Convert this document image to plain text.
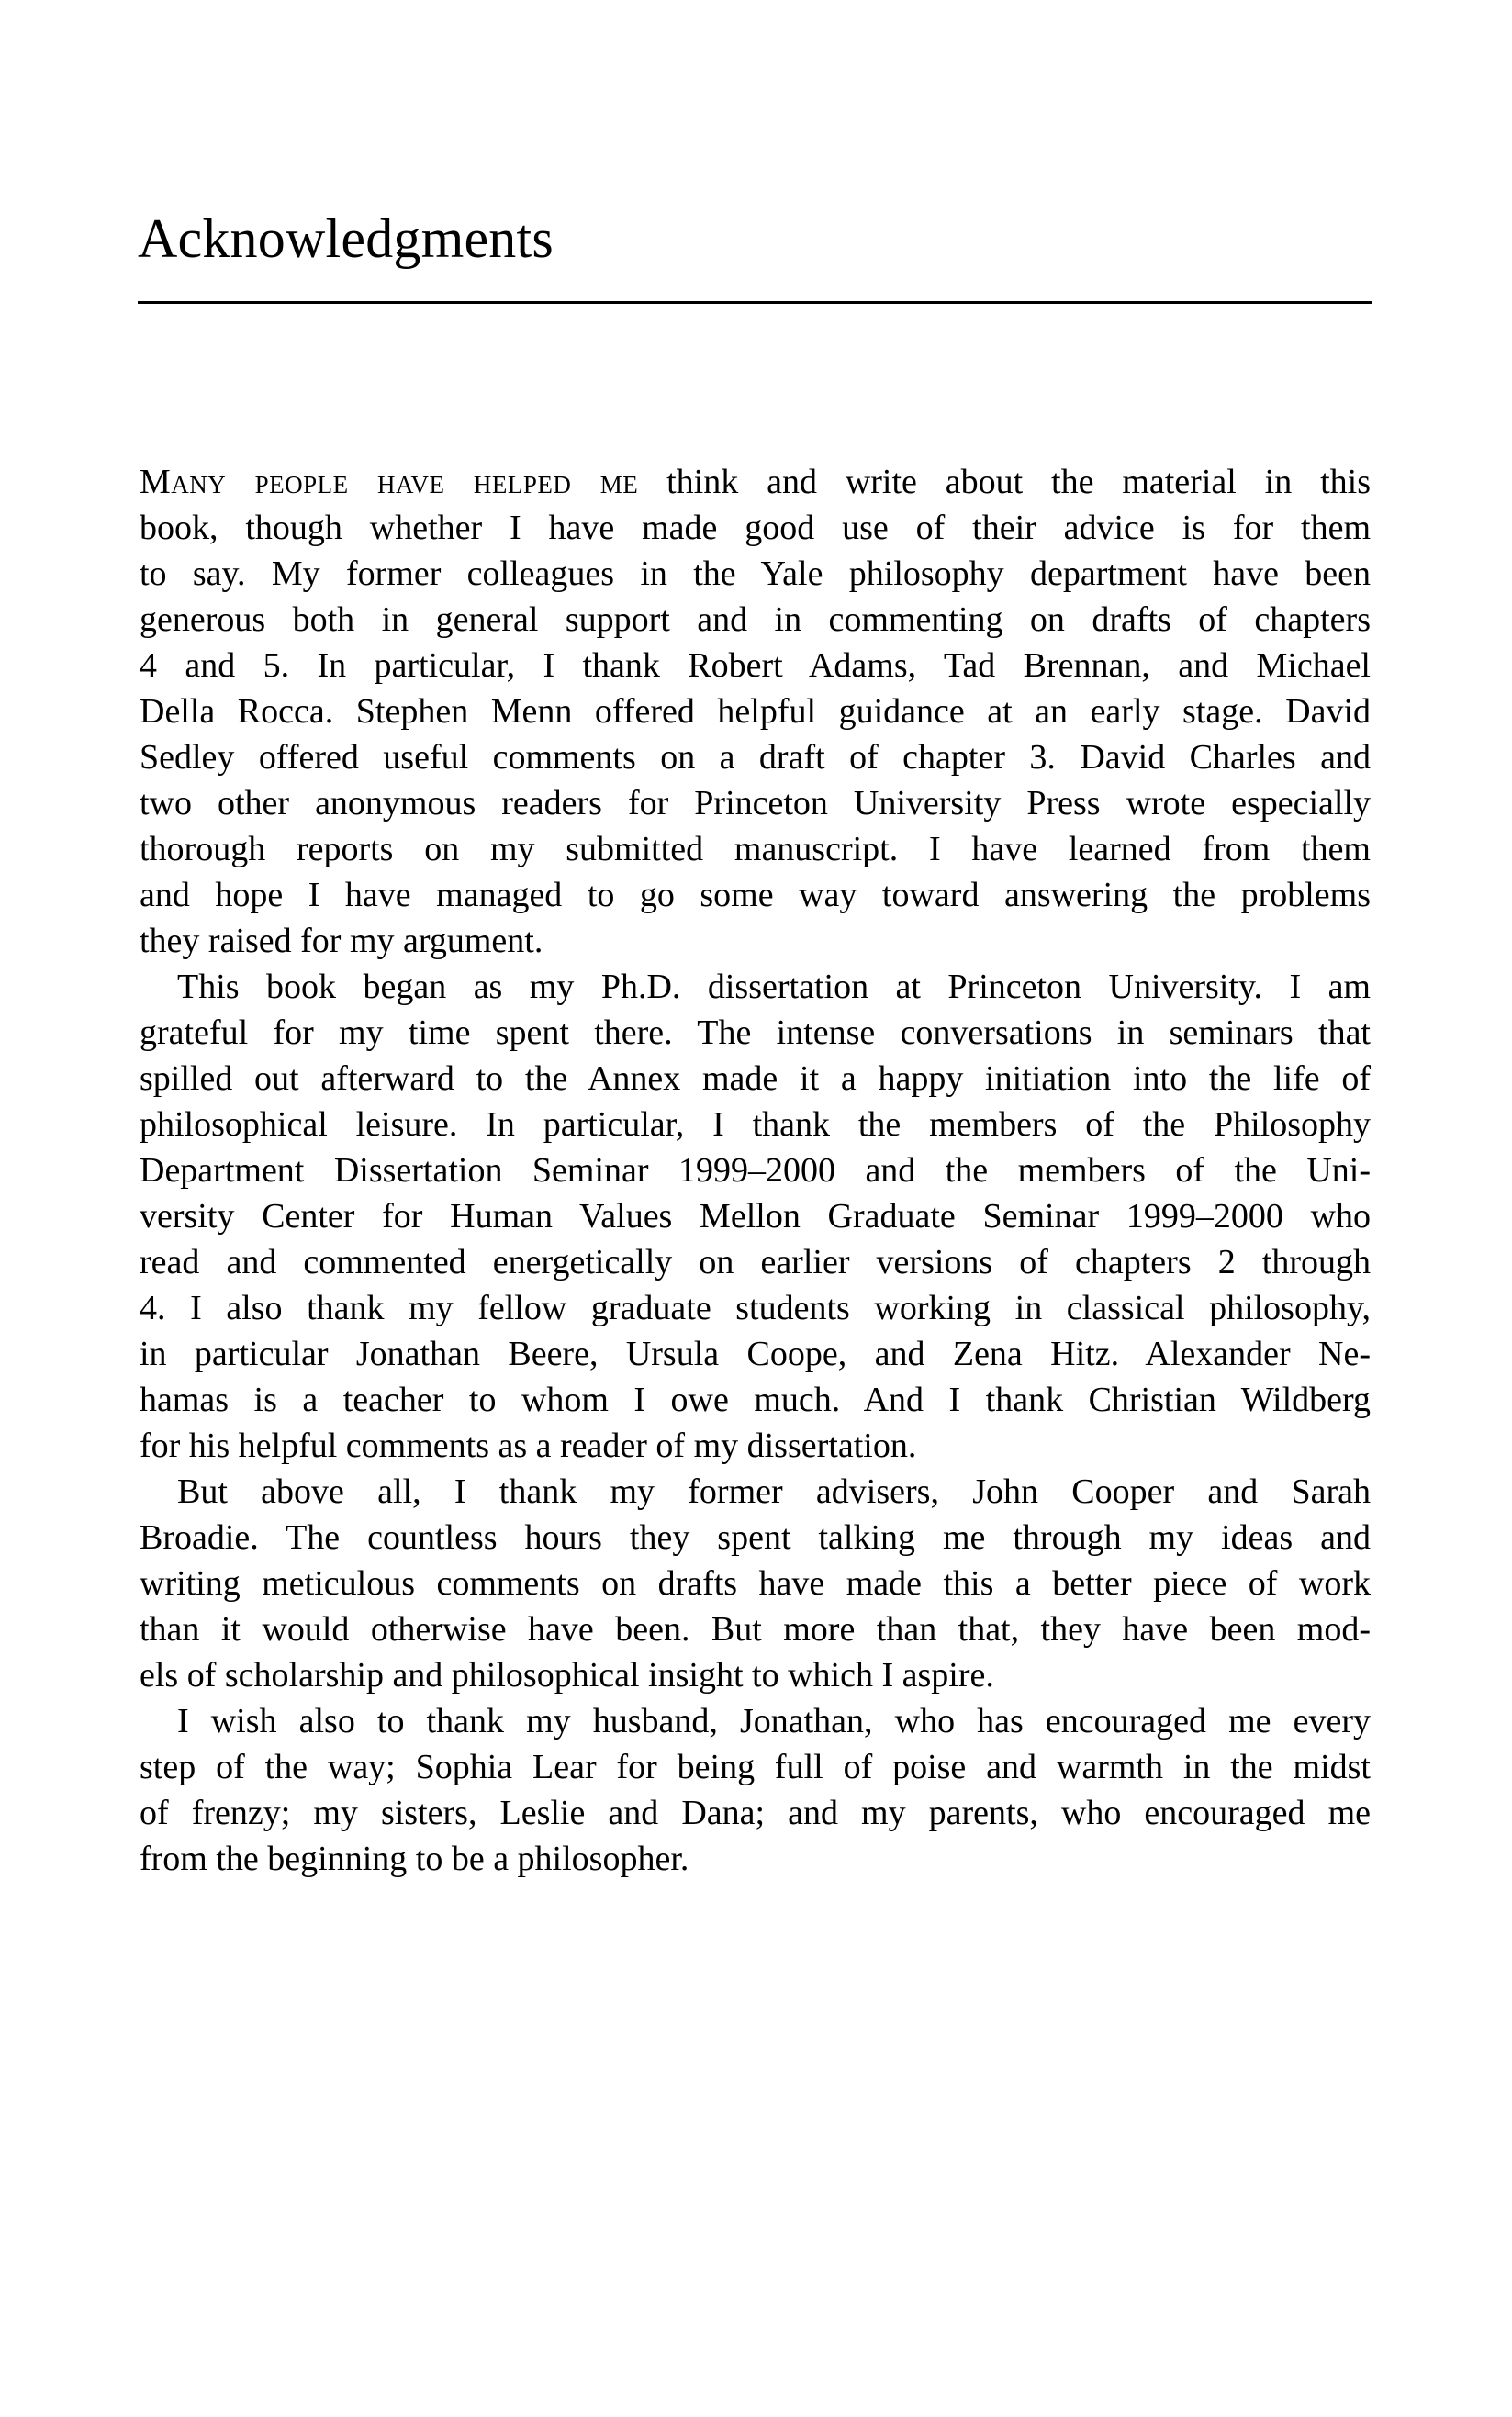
Acknowledgments
Many people have helped me think and write about the material in this
book, though whether I have made good use of their advice is for them
to say. My former colleagues in the Yale philosophy department have been
generous both in general support and in commenting on drafts of chapters
4 and 5. In particular, I thank Robert Adams, Tad Brennan, and Michael
Della Rocca. Stephen Menn offered helpful guidance at an early stage. David
Sedley offered useful comments on a draft of chapter 3. David Charles and
two other anonymous readers for Princeton University Press wrote especially
thorough reports on my submitted manuscript. I have learned from them
and hope I have managed to go some way toward answering the problems
they raised for my argument.
This book began as my Ph.D. dissertation at Princeton University. I am
grateful for my time spent there. The intense conversations in seminars that
spilled out afterward to the Annex made it a happy initiation into the life of
philosophical leisure. In particular, I thank the members of the Philosophy
Department Dissertation Seminar 1999–2000 and the members of the Uni-
versity Center for Human Values Mellon Graduate Seminar 1999–2000 who
read and commented energetically on earlier versions of chapters 2 through
4. I also thank my fellow graduate students working in classical philosophy,
in particular Jonathan Beere, Ursula Coope, and Zena Hitz. Alexander Ne-
hamas is a teacher to whom I owe much. And I thank Christian Wildberg
for his helpful comments as a reader of my dissertation.
But above all, I thank my former advisers, John Cooper and Sarah
Broadie. The countless hours they spent talking me through my ideas and
writing meticulous comments on drafts have made this a better piece of work
than it would otherwise have been. But more than that, they have been mod-
els of scholarship and philosophical insight to which I aspire.
I wish also to thank my husband, Jonathan, who has encouraged me every
step of the way; Sophia Lear for being full of poise and warmth in the midst
of frenzy; my sisters, Leslie and Dana; and my parents, who encouraged me
from the beginning to be a philosopher.
